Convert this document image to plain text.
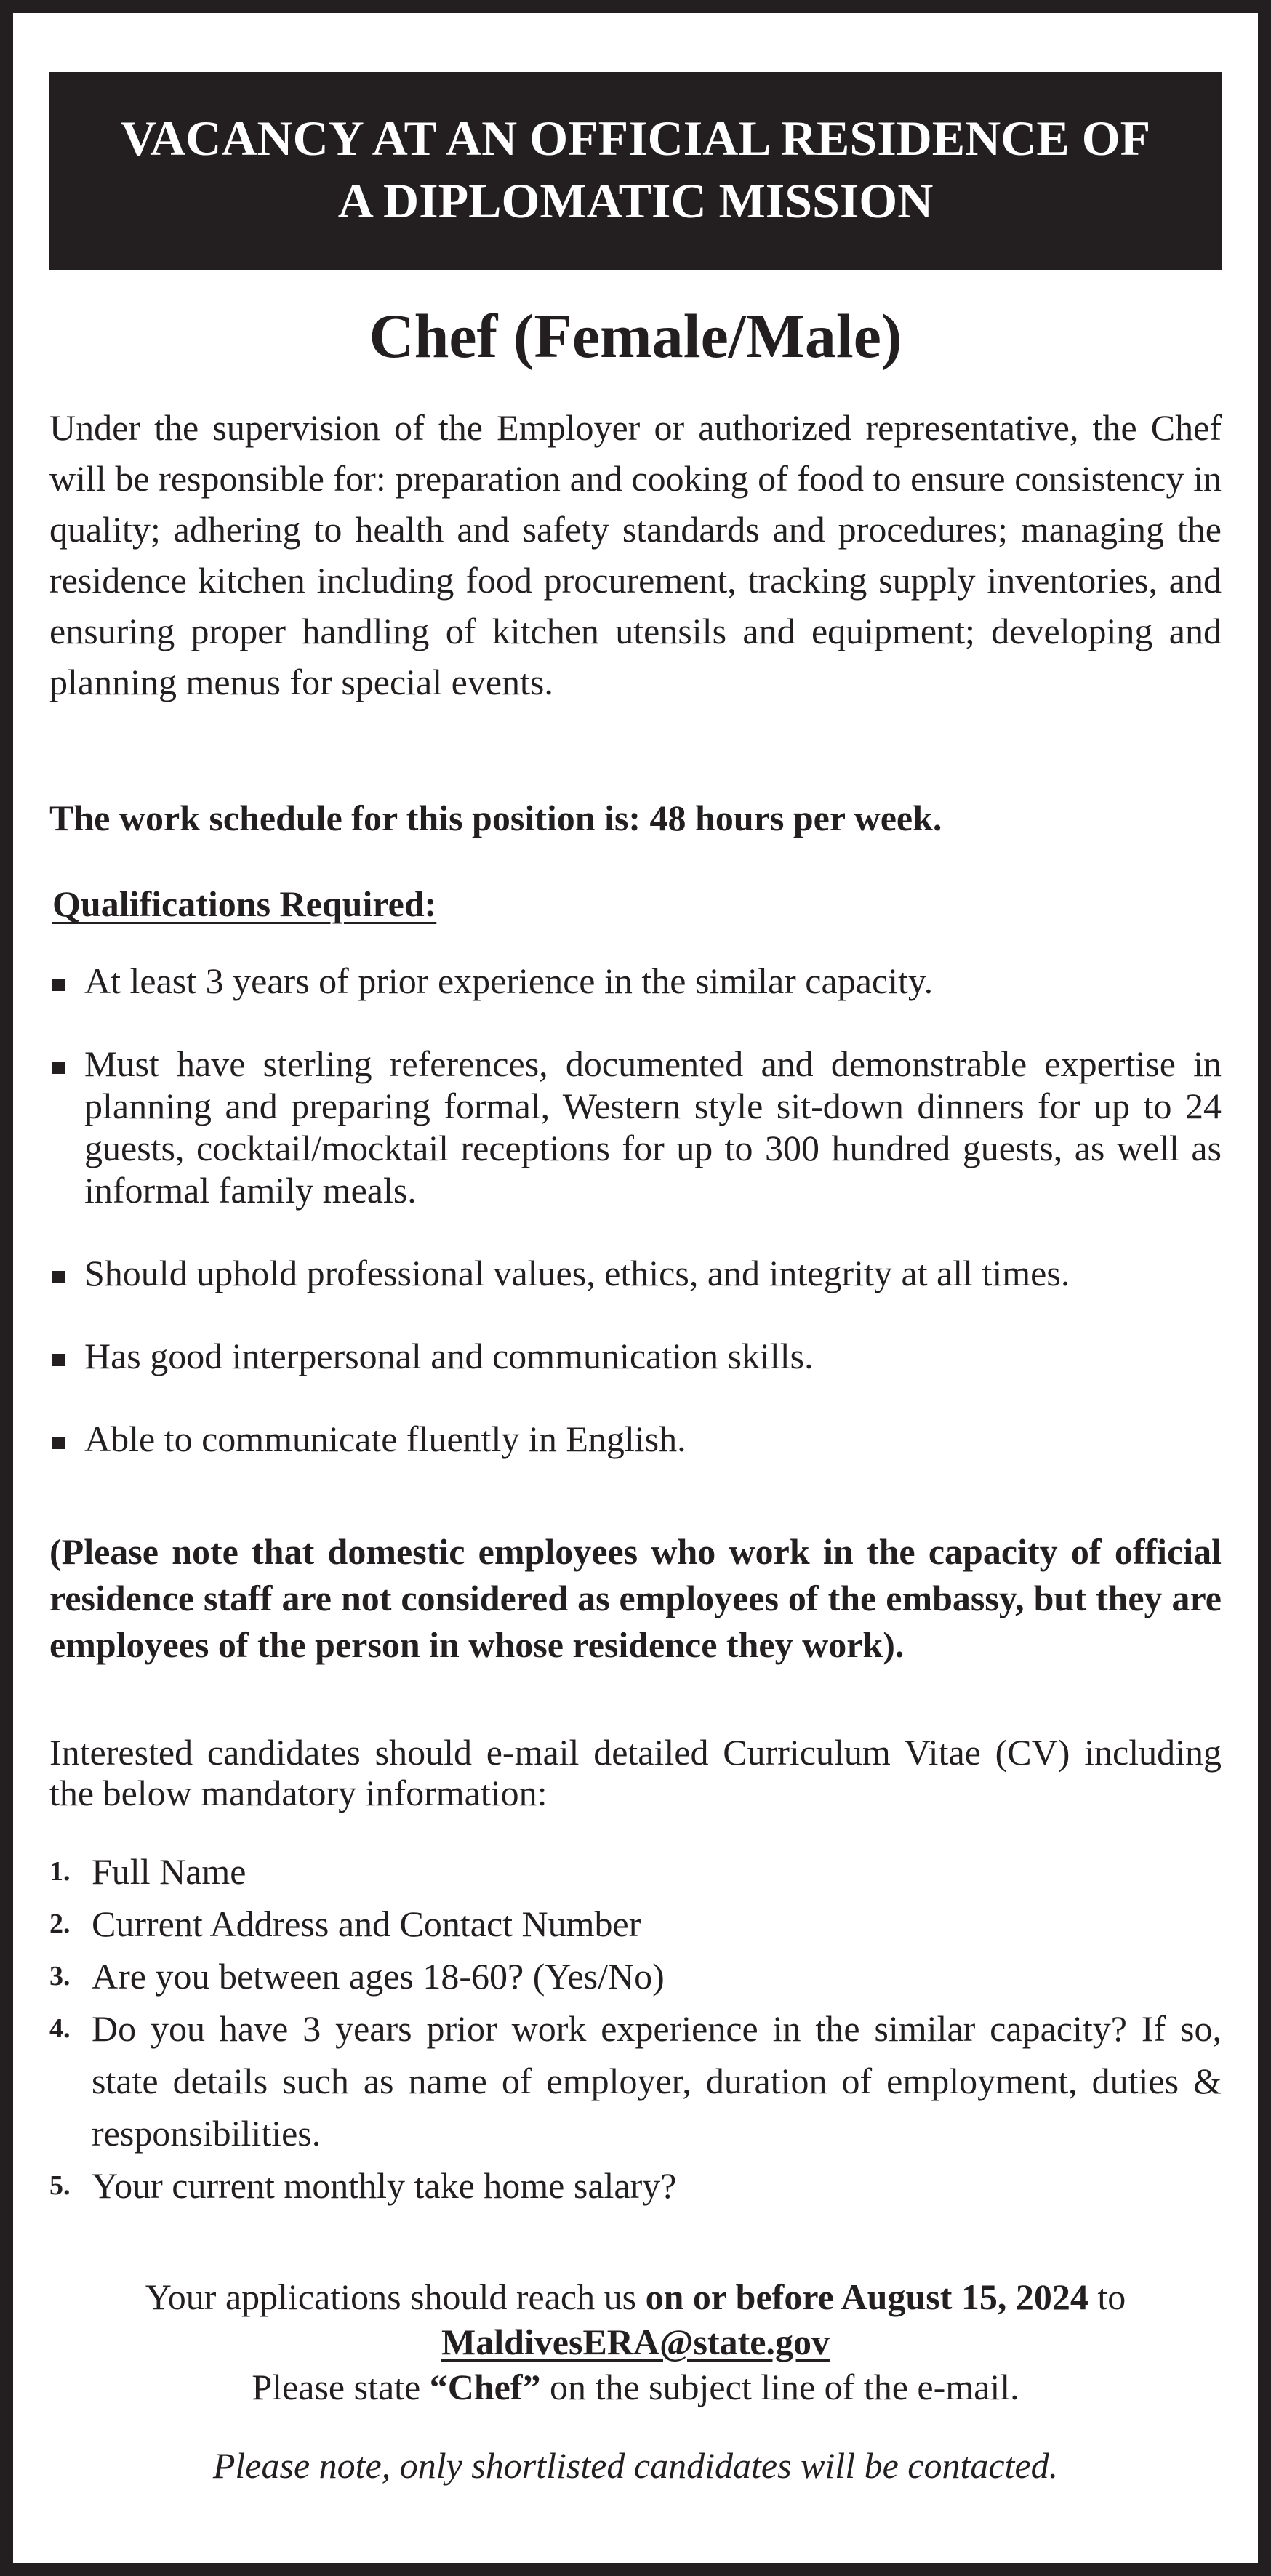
VACANCY AT AN OFFICIAL RESIDENCE OF
A DIPLOMATIC MISSION
Chef (Female/Male)
Under the supervision of the Employer or authorized representative, the Chef will be responsible for: preparation and cooking of food to ensure consistency in quality; adhering to health and safety standards and procedures; managing the residence kitchen including food procurement, tracking supply inventories, and ensuring proper handling of kitchen utensils and equipment; developing and planning menus for special events.
The work schedule for this position is: 48 hours per week.
Qualifications Required:
At least 3 years of prior experience in the similar capacity.
Must have sterling references, documented and demonstrable expertise in planning and preparing formal, Western style sit-down dinners for up to 24 guests, cocktail/mocktail receptions for up to 300 hundred guests, as well as informal family meals.
Should uphold professional values, ethics, and integrity at all times.
Has good interpersonal and communication skills.
Able to communicate fluently in English.
(Please note that domestic employees who work in the capacity of official residence staff are not considered as employees of the embassy, but they are employees of the person in whose residence they work).
Interested candidates should e-mail detailed Curriculum Vitae (CV) including the below mandatory information:
1. Full Name
2. Current Address and Contact Number
3. Are you between ages 18-60? (Yes/No)
4. Do you have 3 years prior work experience in the similar capacity? If so, state details such as name of employer, duration of employment, duties & responsibilities.
5. Your current monthly take home salary?
Your applications should reach us on or before August 15, 2024 to
MaldivesERA@state.gov
Please state “Chef” on the subject line of the e-mail.
Please note, only shortlisted candidates will be contacted.
